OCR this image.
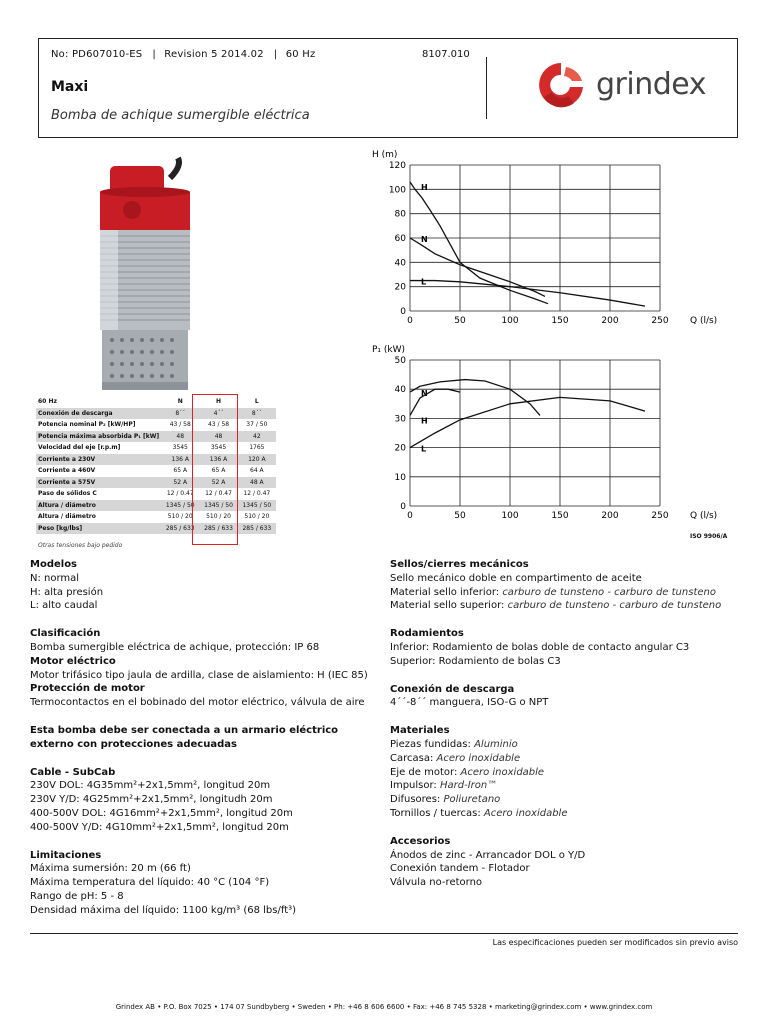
No: PD607010-ES | Revision 5 2014.02 | 60 Hz	8107.010
Maxi
Bomba de achique sumergible eléctrica
grindex
60 Hz	N	H	L
Conexión de descarga	8´´	4´´	8´´
Potencia nominal P₂ [kW/HP]	43 / 58	43 / 58	37 / 50
Potencia máxima absorbida P₁ [kW]	48	48	42
Velocidad del eje [r.p.m]	3545	3545	1765
Corriente a 230V	136 A	136 A	120 A
Corriente a 460V	65 A	65 A	64 A
Corriente a 575V	52 A	52 A	48 A
Paso de sólidos C	12 / 0.47	12 / 0.47	12 / 0.47
Altura / diámetro	1345 / 50	1345 / 50	1345 / 50
Altura / diámetro	510 / 20	510 / 20	510 / 20
Peso [kg/lbs]	285 / 633	285 / 633	285 / 633
Otras tensiones bajo pedido
0	50	100	150	200	250
0
20
40
60
80
100
120
H (m)
Q (l/s)
H
N
L
0	50	100	150	200	250
0
10
20
30
40
50
P₁ (kW)
Q (l/s)
N
H
L
ISO 9906/A
Modelos
N: normal
H: alta presión
L: alto caudal
Clasificación
Bomba sumergible eléctrica de achique, protección: IP 68
Motor eléctrico
Motor trifásico tipo jaula de ardilla, clase de aislamiento: H (IEC 85)
Protección de motor
Termocontactos en el bobinado del motor eléctrico, válvula de aire
Esta bomba debe ser conectada a un armario eléctrico externo con protecciones adecuadas
Cable - SubCab
230V DOL: 4G35mm²+2x1,5mm², longitud 20m
230V Y/D: 4G25mm²+2x1,5mm², longitudh 20m
400-500V DOL: 4G16mm²+2x1,5mm², longitud 20m
400-500V Y/D: 4G10mm²+2x1,5mm², longitud 20m
Limitaciones
Máxima sumersión: 20 m (66 ft)
Máxima temperatura del líquido: 40 °C (104 °F)
Rango de pH: 5 - 8
Densidad máxima del líquido: 1100 kg/m³ (68 lbs/ft³)
Sellos/cierres mecánicos
Sello mecánico doble en compartimento de aceite
Material sello inferior: carburo de tunsteno - carburo de tunsteno
Material sello superior: carburo de tunsteno - carburo de tunsteno
Rodamientos
Inferior: Rodamiento de bolas doble de contacto angular C3
Superior: Rodamiento de bolas C3
Conexión de descarga
4´´-8´´ manguera, ISO-G o NPT
Materiales
Piezas fundidas: Aluminio
Carcasa: Acero inoxidable
Eje de motor: Acero inoxidable
Impulsor: Hard-Iron™
Difusores: Poliuretano
Tornillos / tuercas: Acero inoxidable
Accesorios
Ánodos de zinc - Arrancador DOL o Y/D
Conexión tandem - Flotador
Válvula no-retorno
Las especificaciones pueden ser modificados sin previo aviso
Grindex AB • P.O. Box 7025 • 174 07 Sundbyberg • Sweden • Ph: +46 8 606 6600 • Fax: +46 8 745 5328 • marketing@grindex.com • www.grindex.com
